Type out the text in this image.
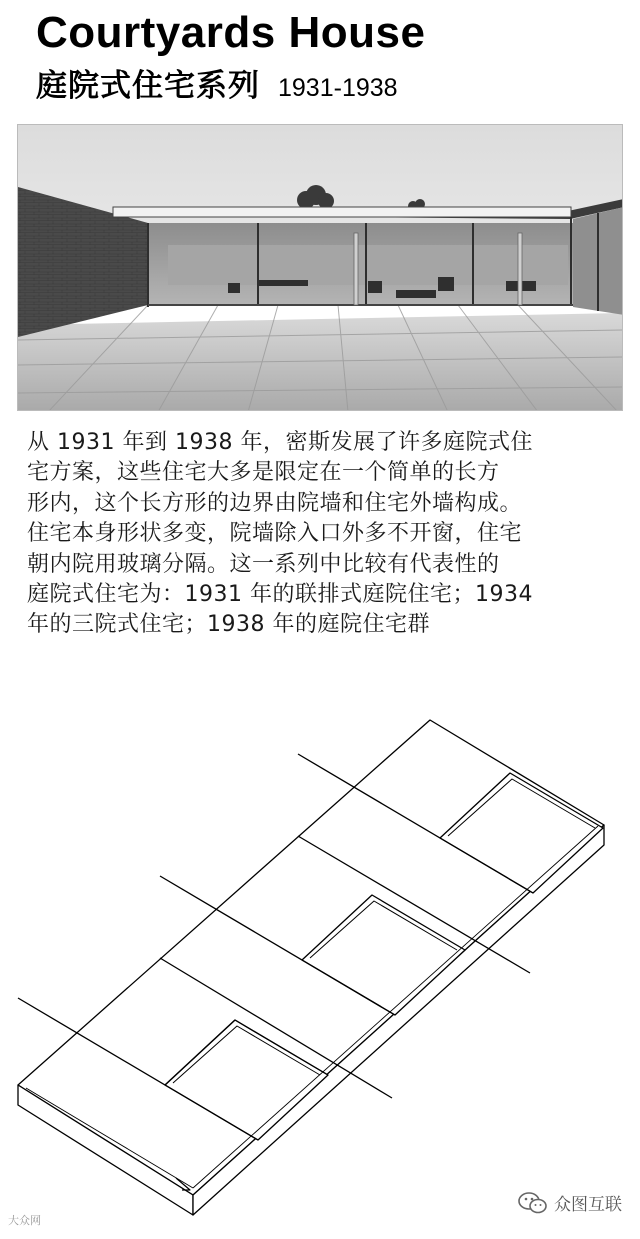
Courtyards House
庭院式住宅系列 1931-1938
从 1931 年到 1938 年，密斯发展了许多庭院式住
宅方案，这些住宅大多是限定在一个简单的长方
形内，这个长方形的边界由院墙和住宅外墙构成。
住宅本身形状多变，院墙除入口外多不开窗，住宅
朝内院用玻璃分隔。这一系列中比较有代表性的
庭院式住宅为：1931 年的联排式庭院住宅；1934
年的三院式住宅；1938 年的庭院住宅群
大众网
众图互联
